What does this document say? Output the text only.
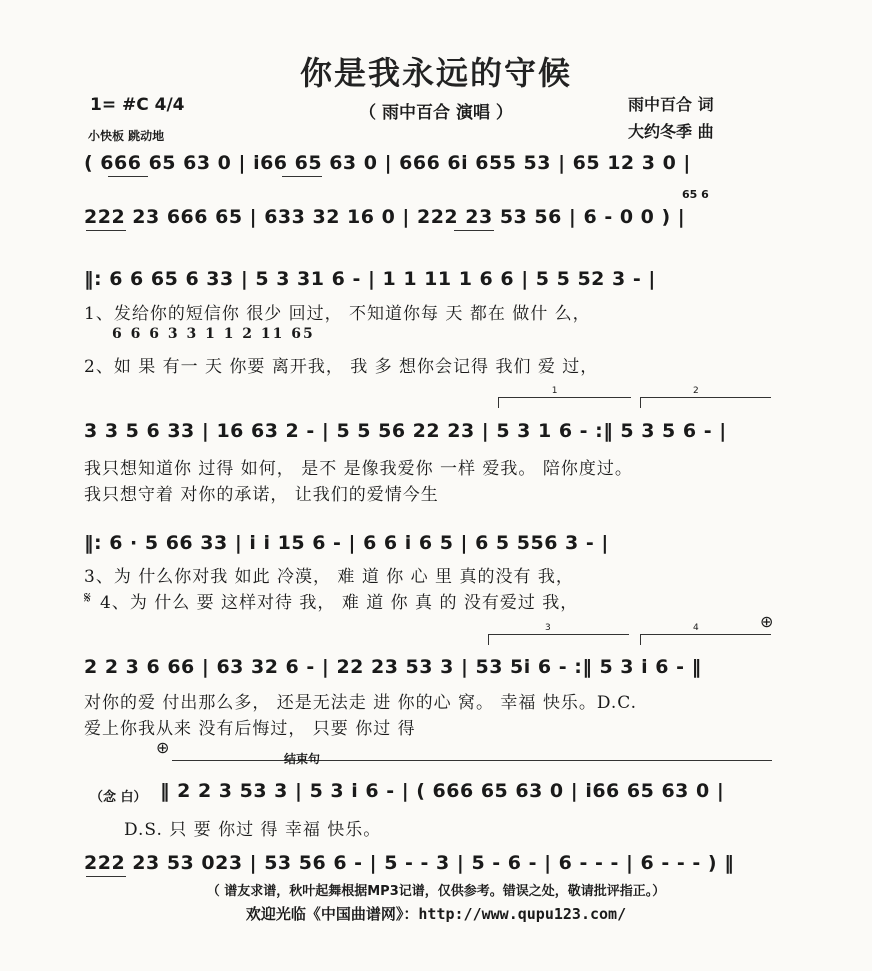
你是我永远的守候
（ 雨中百合 演唱 ）	雨中百合 词
大约冬季 曲
1= #C 4/4
小快板 跳动地
( 666 65 63 0 | i66 65 63 0 | 666 6i 655 53 | 65 12 3 0 |
65 6
222 23 666 65 | 633 32 16 0 | 222 23 53 56 | 6 - 0 0 ) |
‖: 6 6 65 6 33 | 5 3 31 6 - | 1 1 11 1 6 6 | 5 5 52 3 - |
1、发给你的短信你 很少 回过， 不知道你每 天 都在 做什 么，
6 6 6 3 3 1 1 2 11 65
2、如 果 有一 天 你要 离开我， 我 多 想你会记得 我们 爱 过，
1	2
3 3 5 6 33 | 16 63 2 - | 5 5 56 22 23 | 5 3 1 6 - :‖ 5 3 5 6 - |
我只想知道你 过得 如何， 是不 是像我爱你 一样 爱我。 陪你度过。
我只想守着 对你的承诺， 让我们的爱情今生
‖: 6 · 5 66 33 | i i 15 6 - | 6 6 i 6 5 | 6 5 556 3 - |
3、为 什么你对我 如此 冷漠， 难 道 你 心 里 真的没有 我，
𝄋 4、为 什么 要 这样对待 我， 难 道 你 真 的 没有爱过 我，
⊕
3	4
2 2 3 6 66 | 63 32 6 - | 22 23 53 3 | 53 5i 6 - :‖ 5 3 i 6 - ‖
对你的爱 付出那么多， 还是无法走 进 你的心 窝。 幸福 快乐。D.C.
爱上你我从来 没有后悔过， 只要 你过 得
⊕
结束句
（念 白） ‖ 2 2 3 53 3 | 5 3 i 6 - | ( 666 65 63 0 | i66 65 63 0 |
D.S. 只 要 你过 得 幸福 快乐。
222 23 53 023 | 53 56 6 - | 5 - - 3 | 5 - 6 - | 6 - - - | 6 - - - ) ‖
（ 谱友求谱，秋叶起舞根据MP3记谱，仅供参考。错误之处，敬请批评指正。）
欢迎光临《中国曲谱网》：http://www.qupu123.com/
